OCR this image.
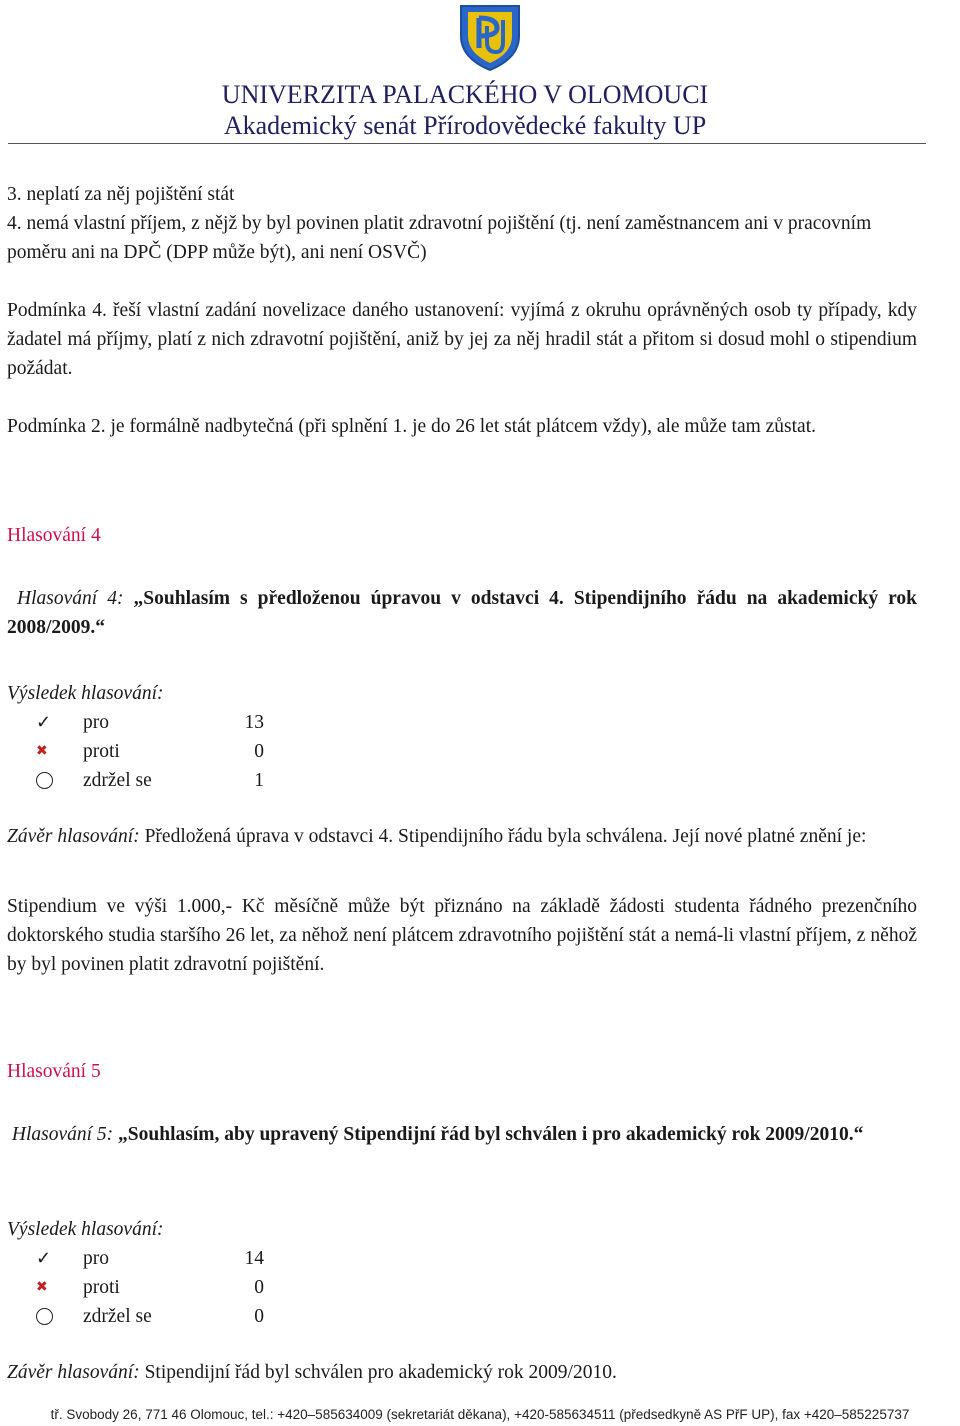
UNIVERZITA PALACKÉHO V OLOMOUCI
Akademický senát Přírodovědecké fakulty UP
3. neplatí za něj pojištění stát
4. nemá vlastní příjem, z nějž by byl povinen platit zdravotní pojištění (tj. není zaměstnancem ani v pracovním poměru ani na DPČ (DPP může být), ani není OSVČ)
Podmínka 4. řeší vlastní zadání novelizace daného ustanovení: vyjímá z okruhu oprávněných osob ty případy, kdy žadatel má příjmy, platí z nich zdravotní pojištění, aniž by jej za něj hradil stát a přitom si dosud mohl o stipendium požádat.
Podmínka 2. je formálně nadbytečná (při splnění 1. je do 26 let stát plátcem vždy), ale může tam zůstat.
Hlasování 4
Hlasování 4: „Souhlasím s předloženou úpravou v odstavci 4. Stipendijního řádu na akademický rok 2008/2009.“
Výsledek hlasování:
✓ pro	13
✖	proti	0
zdržel se	1
Závěr hlasování: Předložená úprava v odstavci 4. Stipendijního řádu byla schválena. Její nové platné znění je:
Stipendium ve výši 1.000,- Kč měsíčně může být přiznáno na základě žádosti studenta řádného prezenčního doktorského studia staršího 26 let, za něhož není plátcem zdravotního pojištění stát a nemá-li vlastní příjem, z něhož by byl povinen platit zdravotní pojištění.
Hlasování 5
Hlasování 5: „Souhlasím, aby upravený Stipendijní řád byl schválen i pro akademický rok 2009/2010.“
Výsledek hlasování:
✓ pro	14
✖	proti	0
zdržel se	0
Závěr hlasování: Stipendijní řád byl schválen pro akademický rok 2009/2010.
tř. Svobody 26, 771 46 Olomouc, tel.: +420–585634009 (sekretariát děkana), +420-585634511 (předsedkyně AS PřF UP), fax +420–585225737
